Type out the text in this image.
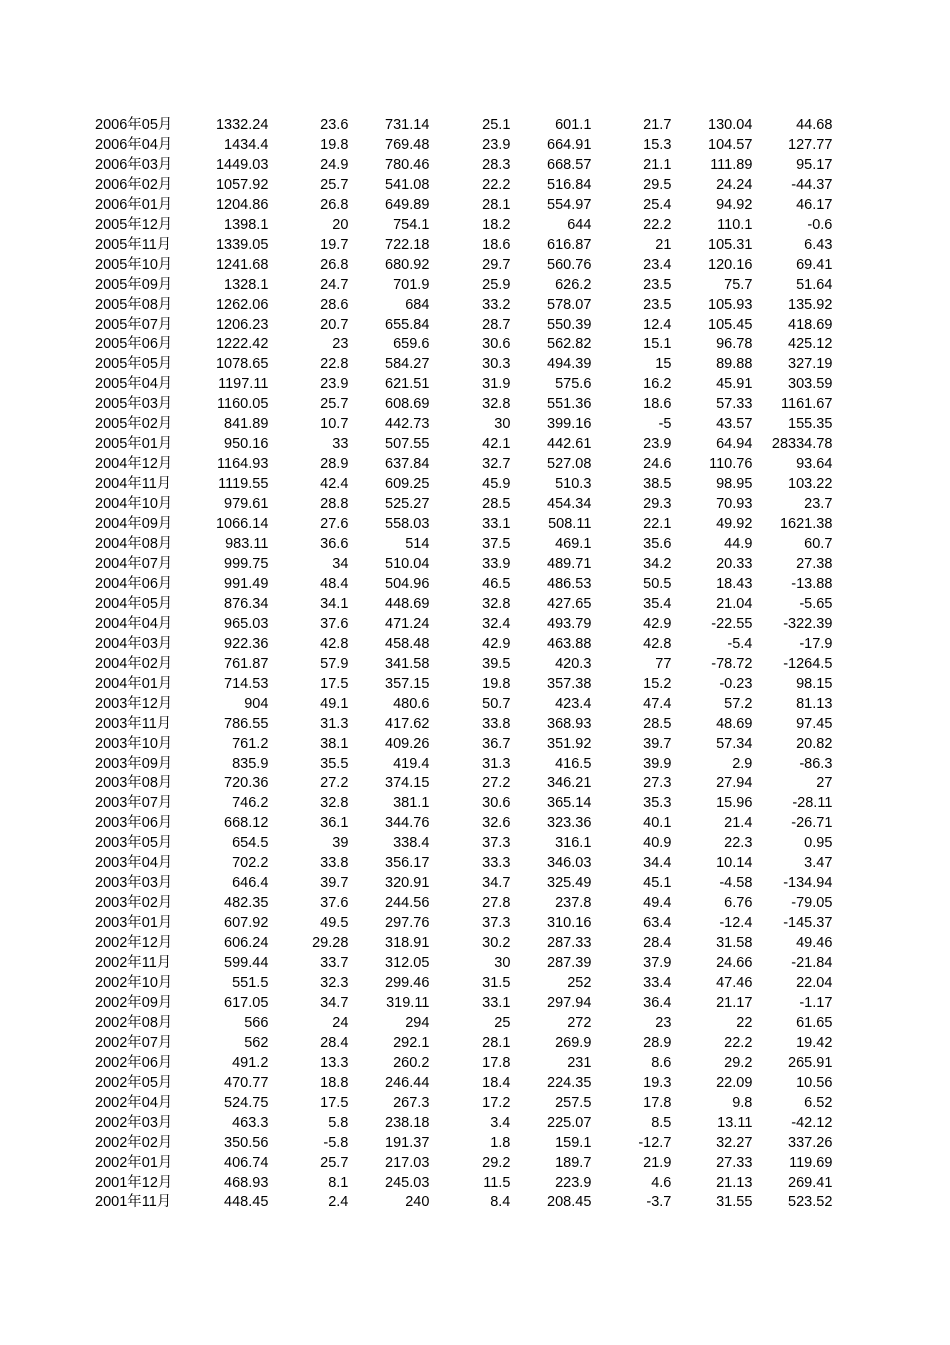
2006年05月	1332.24	23.6	731.14	25.1	601.1	21.7	130.04	44.68
2006年04月	1434.4	19.8	769.48	23.9	664.91	15.3	104.57	127.77
2006年03月	1449.03	24.9	780.46	28.3	668.57	21.1	111.89	95.17
2006年02月	1057.92	25.7	541.08	22.2	516.84	29.5	24.24	-44.37
2006年01月	1204.86	26.8	649.89	28.1	554.97	25.4	94.92	46.17
2005年12月	1398.1	20	754.1	18.2	644	22.2	110.1	-0.6
2005年11月	1339.05	19.7	722.18	18.6	616.87	21	105.31	6.43
2005年10月	1241.68	26.8	680.92	29.7	560.76	23.4	120.16	69.41
2005年09月	1328.1	24.7	701.9	25.9	626.2	23.5	75.7	51.64
2005年08月	1262.06	28.6	684	33.2	578.07	23.5	105.93	135.92
2005年07月	1206.23	20.7	655.84	28.7	550.39	12.4	105.45	418.69
2005年06月	1222.42	23	659.6	30.6	562.82	15.1	96.78	425.12
2005年05月	1078.65	22.8	584.27	30.3	494.39	15	89.88	327.19
2005年04月	1197.11	23.9	621.51	31.9	575.6	16.2	45.91	303.59
2005年03月	1160.05	25.7	608.69	32.8	551.36	18.6	57.33	1161.67
2005年02月	841.89	10.7	442.73	30	399.16	-5	43.57	155.35
2005年01月	950.16	33	507.55	42.1	442.61	23.9	64.94	28334.78
2004年12月	1164.93	28.9	637.84	32.7	527.08	24.6	110.76	93.64
2004年11月	1119.55	42.4	609.25	45.9	510.3	38.5	98.95	103.22
2004年10月	979.61	28.8	525.27	28.5	454.34	29.3	70.93	23.7
2004年09月	1066.14	27.6	558.03	33.1	508.11	22.1	49.92	1621.38
2004年08月	983.11	36.6	514	37.5	469.1	35.6	44.9	60.7
2004年07月	999.75	34	510.04	33.9	489.71	34.2	20.33	27.38
2004年06月	991.49	48.4	504.96	46.5	486.53	50.5	18.43	-13.88
2004年05月	876.34	34.1	448.69	32.8	427.65	35.4	21.04	-5.65
2004年04月	965.03	37.6	471.24	32.4	493.79	42.9	-22.55	-322.39
2004年03月	922.36	42.8	458.48	42.9	463.88	42.8	-5.4	-17.9
2004年02月	761.87	57.9	341.58	39.5	420.3	77	-78.72	-1264.5
2004年01月	714.53	17.5	357.15	19.8	357.38	15.2	-0.23	98.15
2003年12月	904	49.1	480.6	50.7	423.4	47.4	57.2	81.13
2003年11月	786.55	31.3	417.62	33.8	368.93	28.5	48.69	97.45
2003年10月	761.2	38.1	409.26	36.7	351.92	39.7	57.34	20.82
2003年09月	835.9	35.5	419.4	31.3	416.5	39.9	2.9	-86.3
2003年08月	720.36	27.2	374.15	27.2	346.21	27.3	27.94	27
2003年07月	746.2	32.8	381.1	30.6	365.14	35.3	15.96	-28.11
2003年06月	668.12	36.1	344.76	32.6	323.36	40.1	21.4	-26.71
2003年05月	654.5	39	338.4	37.3	316.1	40.9	22.3	0.95
2003年04月	702.2	33.8	356.17	33.3	346.03	34.4	10.14	3.47
2003年03月	646.4	39.7	320.91	34.7	325.49	45.1	-4.58	-134.94
2003年02月	482.35	37.6	244.56	27.8	237.8	49.4	6.76	-79.05
2003年01月	607.92	49.5	297.76	37.3	310.16	63.4	-12.4	-145.37
2002年12月	606.24	29.28	318.91	30.2	287.33	28.4	31.58	49.46
2002年11月	599.44	33.7	312.05	30	287.39	37.9	24.66	-21.84
2002年10月	551.5	32.3	299.46	31.5	252	33.4	47.46	22.04
2002年09月	617.05	34.7	319.11	33.1	297.94	36.4	21.17	-1.17
2002年08月	566	24	294	25	272	23	22	61.65
2002年07月	562	28.4	292.1	28.1	269.9	28.9	22.2	19.42
2002年06月	491.2	13.3	260.2	17.8	231	8.6	29.2	265.91
2002年05月	470.77	18.8	246.44	18.4	224.35	19.3	22.09	10.56
2002年04月	524.75	17.5	267.3	17.2	257.5	17.8	9.8	6.52
2002年03月	463.3	5.8	238.18	3.4	225.07	8.5	13.11	-42.12
2002年02月	350.56	-5.8	191.37	1.8	159.1	-12.7	32.27	337.26
2002年01月	406.74	25.7	217.03	29.2	189.7	21.9	27.33	119.69
2001年12月	468.93	8.1	245.03	11.5	223.9	4.6	21.13	269.41
2001年11月	448.45	2.4	240	8.4	208.45	-3.7	31.55	523.52
